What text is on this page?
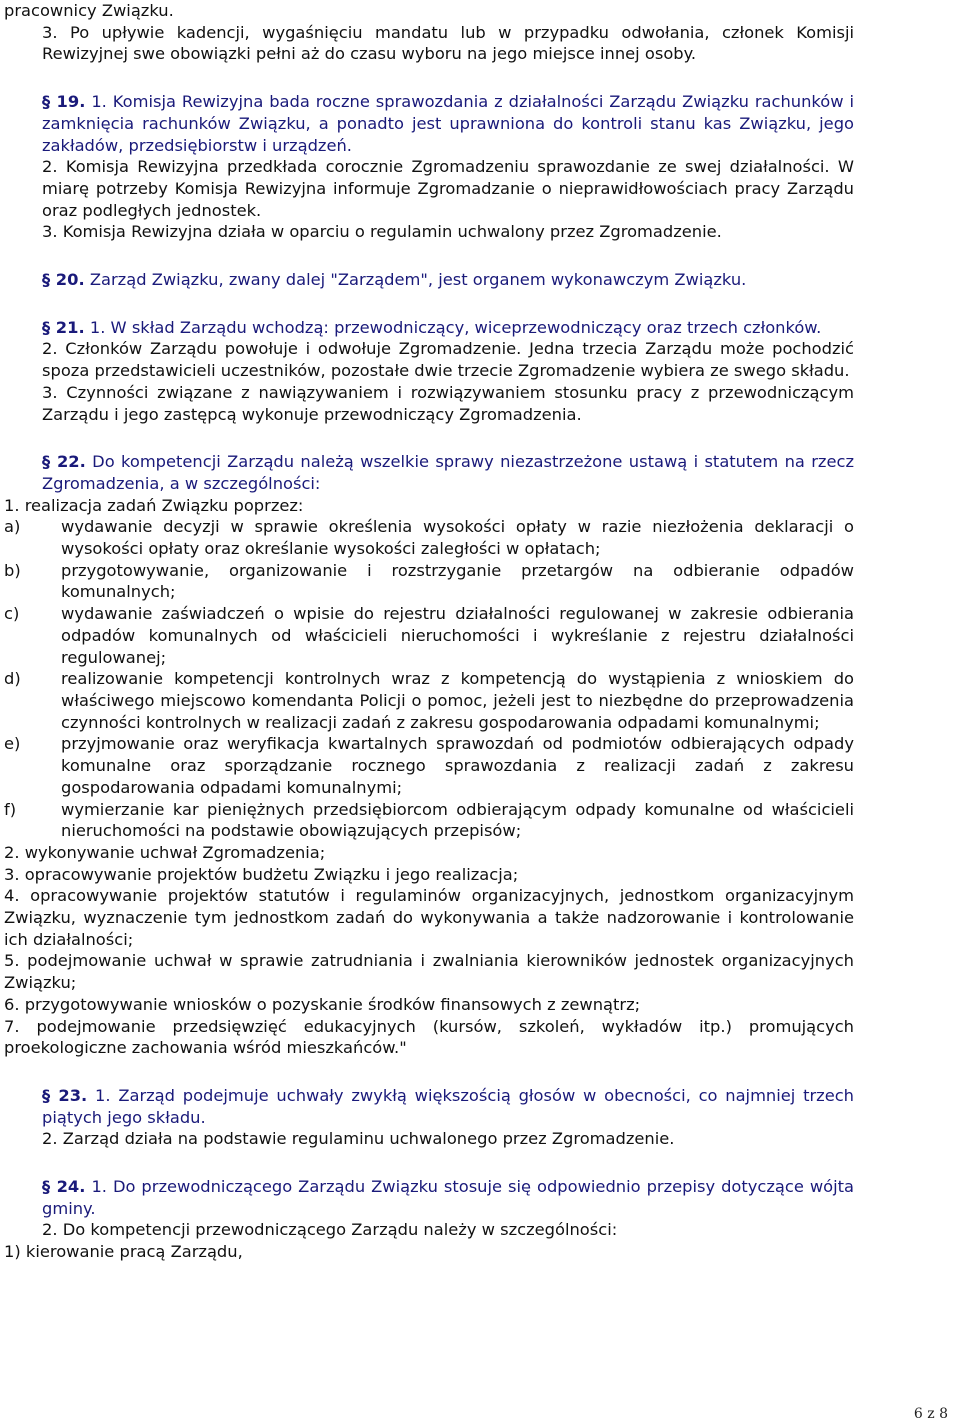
pracownicy Związku.

3. Po upływie kadencji, wygaśnięciu mandatu lub w przypadku odwołania, członek Komisji Rewizyjnej swe obowiązki pełni aż do czasu wyboru na jego miejsce innej osoby.

§ 19. 1. Komisja Rewizyjna bada roczne sprawozdania z działalności Zarządu Związku rachunków i zamknięcia rachunków Związku, a ponadto jest uprawniona do kontroli stanu kas Związku, jego zakładów, przedsiębiorstw i urządzeń.

2. Komisja Rewizyjna przedkłada corocznie Zgromadzeniu sprawozdanie ze swej działalności. W miarę potrzeby Komisja Rewizyjna informuje Zgromadzanie o nieprawidłowościach pracy Zarządu oraz podległych jednostek.

3. Komisja Rewizyjna działa w oparciu o regulamin uchwalony przez Zgromadzenie.

§ 20. Zarząd Związku, zwany dalej "Zarządem", jest organem wykonawczym Związku.

§ 21. 1. W skład Zarządu wchodzą: przewodniczący, wiceprzewodniczący oraz trzech członków.

2. Członków Zarządu powołuje i odwołuje Zgromadzenie. Jedna trzecia Zarządu może pochodzić spoza przedstawicieli uczestników, pozostałe dwie trzecie Zgromadzenie wybiera ze swego składu.

3. Czynności związane z nawiązywaniem i rozwiązywaniem stosunku pracy z przewodniczącym Zarządu i jego zastępcą wykonuje przewodniczący Zgromadzenia.

§ 22. Do kompetencji Zarządu należą wszelkie sprawy niezastrzeżone ustawą i statutem na rzecz Zgromadzenia, a w szczególności:

1. realizacja zadań Związku poprzez:

a)	wydawanie decyzji w sprawie określenia wysokości opłaty w razie niezłożenia deklaracji o wysokości opłaty oraz określanie wysokości zaległości w opłatach;
b)	przygotowywanie, organizowanie i rozstrzyganie przetargów na odbieranie odpadów komunalnych;
c)	wydawanie zaświadczeń o wpisie do rejestru działalności regulowanej w zakresie odbierania odpadów komunalnych od właścicieli nieruchomości i wykreślanie z rejestru działalności regulowanej;
d)	realizowanie kompetencji kontrolnych wraz z kompetencją do wystąpienia z wnioskiem do właściwego miejscowo komendanta Policji o pomoc, jeżeli jest to niezbędne do przeprowadzenia czynności kontrolnych w realizacji zadań z zakresu gospodarowania odpadami komunalnymi;
e)	przyjmowanie oraz weryfikacja kwartalnych sprawozdań od podmiotów odbierających odpady komunalne oraz sporządzanie rocznego sprawozdania z realizacji zadań z zakresu gospodarowania odpadami komunalnymi;
f)	wymierzanie kar pieniężnych przedsiębiorcom odbierającym odpady komunalne od właścicieli nieruchomości na podstawie obowiązujących przepisów;

2. wykonywanie uchwał Zgromadzenia;

3. opracowywanie projektów budżetu Związku i jego realizacja;

4. opracowywanie projektów statutów i regulaminów organizacyjnych, jednostkom organizacyjnym Związku, wyznaczenie tym jednostkom zadań do wykonywania a także nadzorowanie i kontrolowanie ich działalności;

5. podejmowanie uchwał w sprawie zatrudniania i zwalniania kierowników jednostek organizacyjnych Związku;

6. przygotowywanie wniosków o pozyskanie środków finansowych z zewnątrz;

7. podejmowanie przedsięwzięć edukacyjnych (kursów, szkoleń, wykładów itp.) promujących proekologiczne zachowania wśród mieszkańców."

§ 23. 1. Zarząd podejmuje uchwały zwykłą większością głosów w obecności, co najmniej trzech piątych jego składu.

2. Zarząd działa na podstawie regulaminu uchwalonego przez Zgromadzenie.

§ 24. 1. Do przewodniczącego Zarządu Związku stosuje się odpowiednio przepisy dotyczące wójta gminy.

2. Do kompetencji przewodniczącego Zarządu należy w szczególności:

1) kierowanie pracą Zarządu,

6 z 8
